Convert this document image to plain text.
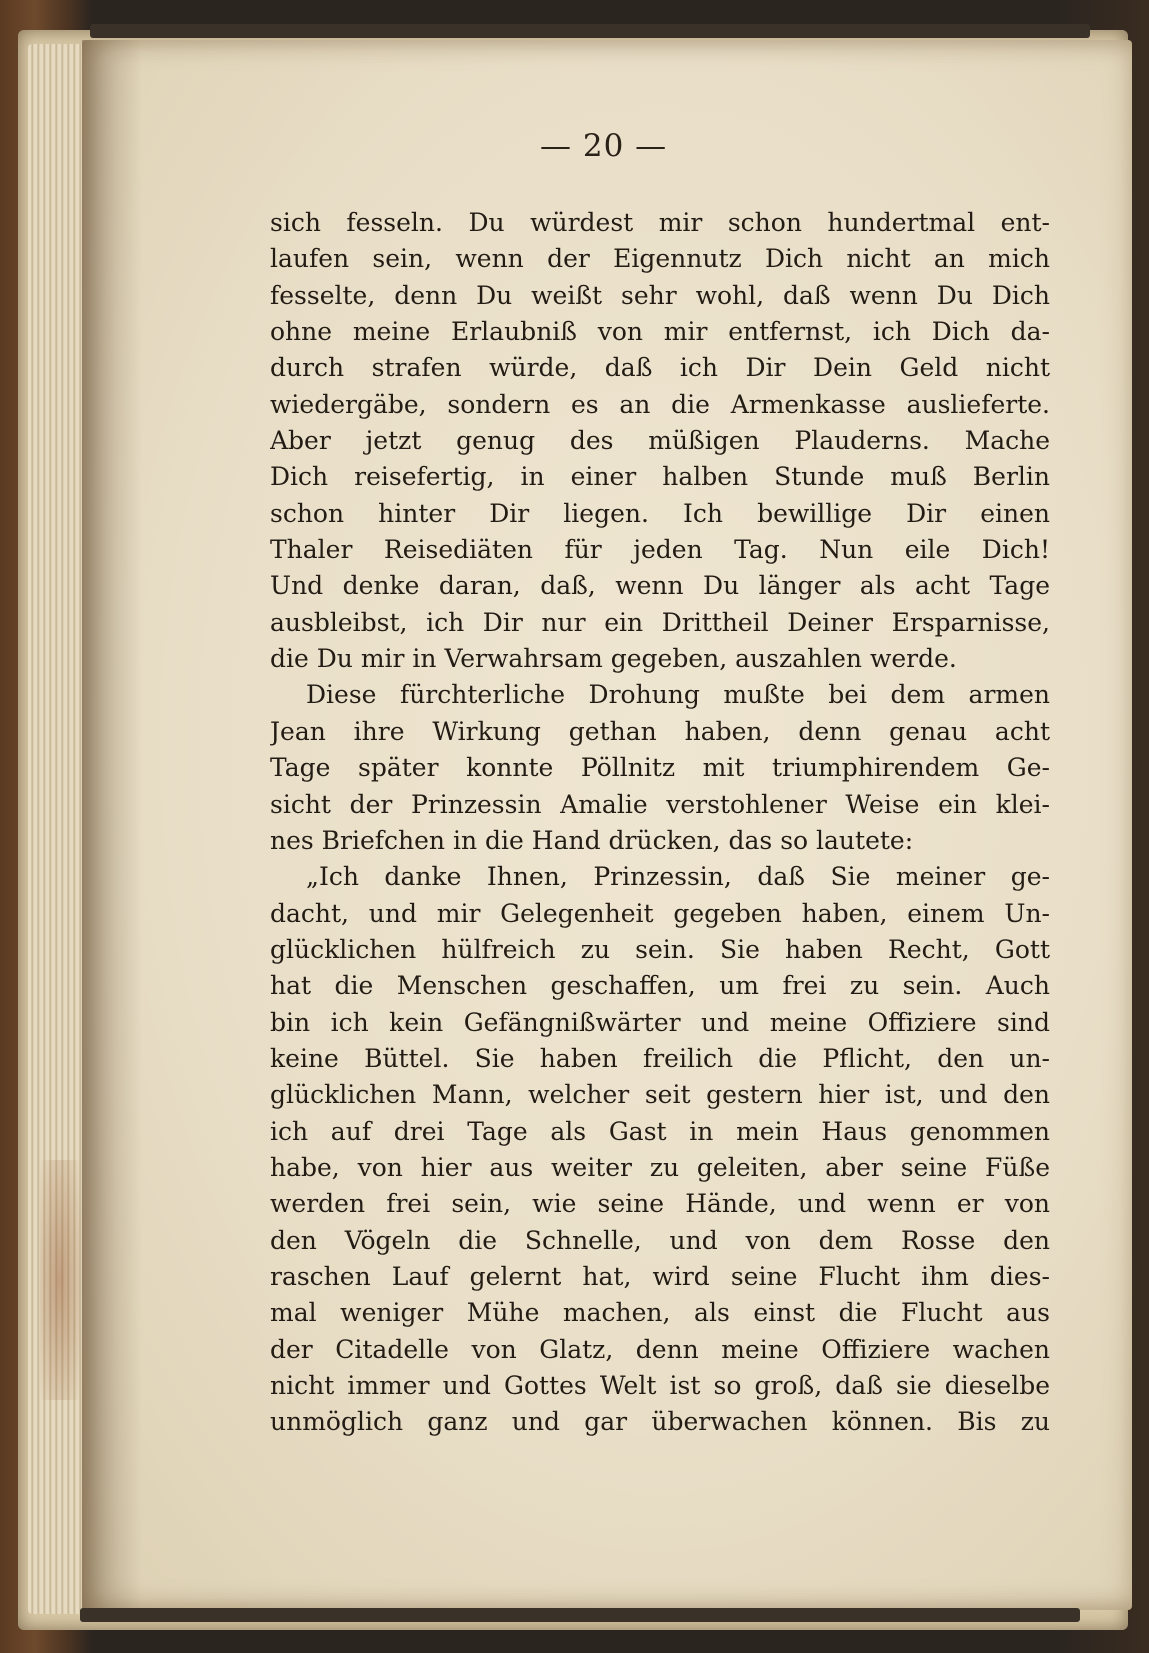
— 20 —
sich fesseln. Du würdest mir schon hundertmal ent-
laufen sein, wenn der Eigennutz Dich nicht an mich
fesselte, denn Du weißt sehr wohl, daß wenn Du Dich
ohne meine Erlaubniß von mir entfernst, ich Dich da-
durch strafen würde, daß ich Dir Dein Geld nicht
wiedergäbe, sondern es an die Armenkasse auslieferte.
Aber jetzt genug des müßigen Plauderns. Mache
Dich reisefertig, in einer halben Stunde muß Berlin
schon hinter Dir liegen. Ich bewillige Dir einen
Thaler Reisediäten für jeden Tag. Nun eile Dich!
Und denke daran, daß, wenn Du länger als acht Tage
ausbleibst, ich Dir nur ein Drittheil Deiner Ersparnisse,
die Du mir in Verwahrsam gegeben, auszahlen werde.
Diese fürchterliche Drohung mußte bei dem armen
Jean ihre Wirkung gethan haben, denn genau acht
Tage später konnte Pöllnitz mit triumphirendem Ge-
sicht der Prinzessin Amalie verstohlener Weise ein klei-
nes Briefchen in die Hand drücken, das so lautete:
„Ich danke Ihnen, Prinzessin, daß Sie meiner ge-
dacht, und mir Gelegenheit gegeben haben, einem Un-
glücklichen hülfreich zu sein. Sie haben Recht, Gott
hat die Menschen geschaffen, um frei zu sein. Auch
bin ich kein Gefängnißwärter und meine Offiziere sind
keine Büttel. Sie haben freilich die Pflicht, den un-
glücklichen Mann, welcher seit gestern hier ist, und den
ich auf drei Tage als Gast in mein Haus genommen
habe, von hier aus weiter zu geleiten, aber seine Füße
werden frei sein, wie seine Hände, und wenn er von
den Vögeln die Schnelle, und von dem Rosse den
raschen Lauf gelernt hat, wird seine Flucht ihm dies-
mal weniger Mühe machen, als einst die Flucht aus
der Citadelle von Glatz, denn meine Offiziere wachen
nicht immer und Gottes Welt ist so groß, daß sie dieselbe
unmöglich ganz und gar überwachen können. Bis zu
